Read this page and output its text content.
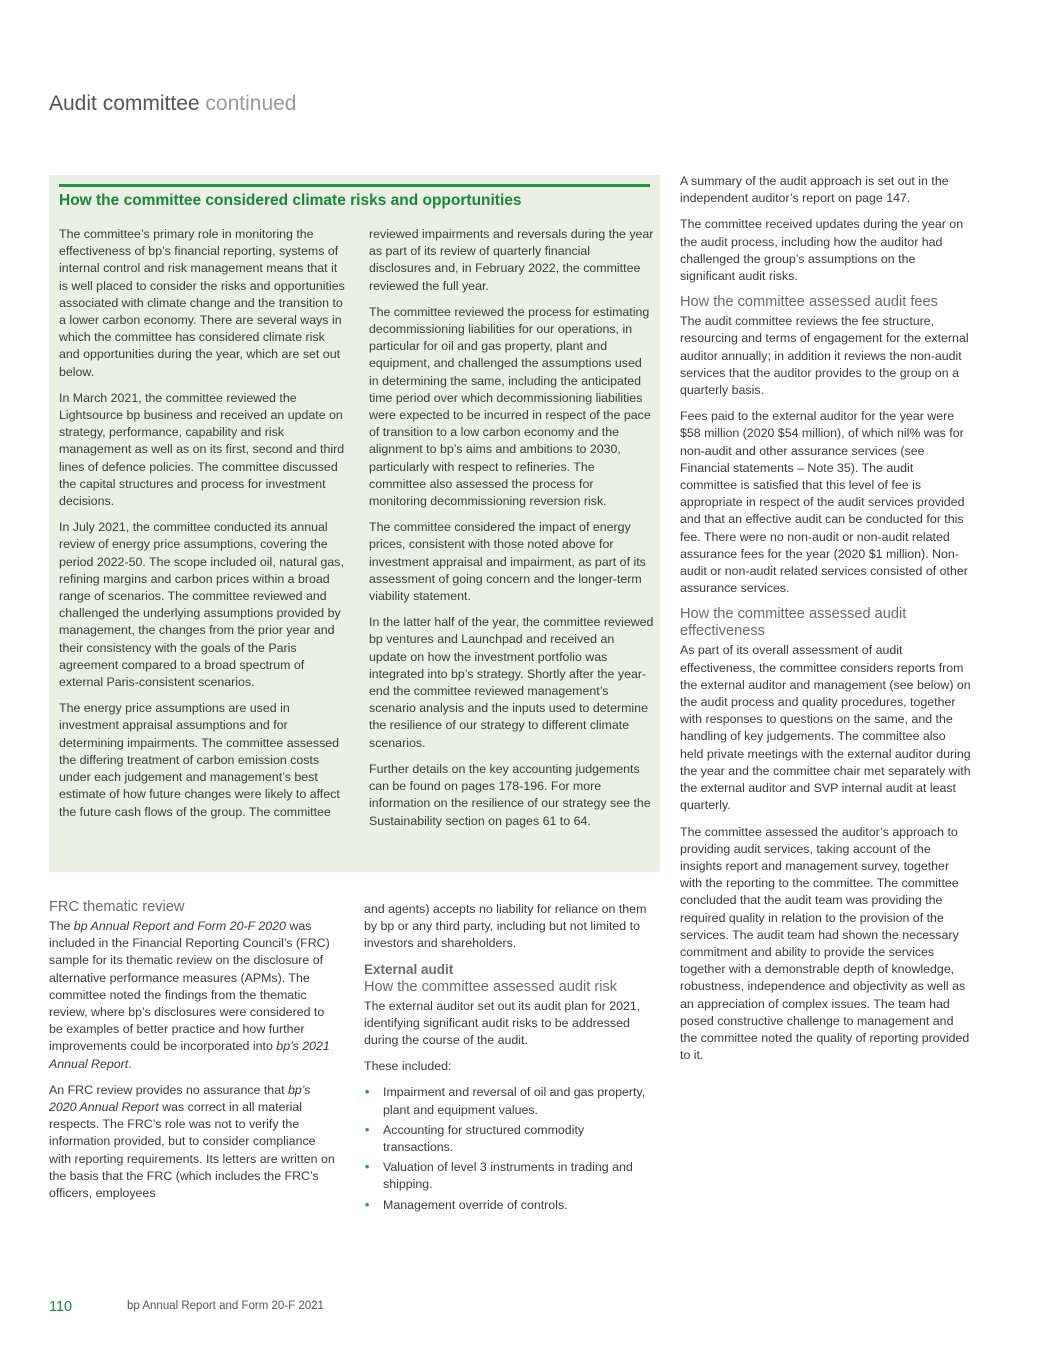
Audit committee continued
How the committee considered climate risks and opportunities

The committee’s primary role in monitoring the effectiveness of bp’s financial reporting, systems of internal control and risk management means that it is well placed to consider the risks and opportunities associated with climate change and the transition to a lower carbon economy. There are several ways in which the committee has considered climate risk and opportunities during the year, which are set out below.

In March 2021, the committee reviewed the Lightsource bp business and received an update on strategy, performance, capability and risk management as well as on its first, second and third lines of defence policies. The committee discussed the capital structures and process for investment decisions.

In July 2021, the committee conducted its annual review of energy price assumptions, covering the period 2022-50. The scope included oil, natural gas, refining margins and carbon prices within a broad range of scenarios. The committee reviewed and challenged the underlying assumptions provided by management, the changes from the prior year and their consistency with the goals of the Paris agreement compared to a broad spectrum of external Paris-consistent scenarios.

The energy price assumptions are used in investment appraisal assumptions and for determining impairments. The committee assessed the differing treatment of carbon emission costs under each judgement and management’s best estimate of how future changes were likely to affect the future cash flows of the group. The committee

reviewed impairments and reversals during the year as part of its review of quarterly financial disclosures and, in February 2022, the committee reviewed the full year.

The committee reviewed the process for estimating decommissioning liabilities for our operations, in particular for oil and gas property, plant and equipment, and challenged the assumptions used in determining the same, including the anticipated time period over which decommissioning liabilities were expected to be incurred in respect of the pace of transition to a low carbon economy and the alignment to bp’s aims and ambitions to 2030, particularly with respect to refineries. The committee also assessed the process for monitoring decommissioning reversion risk.

The committee considered the impact of energy prices, consistent with those noted above for investment appraisal and impairment, as part of its assessment of going concern and the longer-term viability statement.

In the latter half of the year, the committee reviewed bp ventures and Launchpad and received an update on how the investment portfolio was integrated into bp’s strategy. Shortly after the year-end the committee reviewed management’s scenario analysis and the inputs used to determine the resilience of our strategy to different climate scenarios.

Further details on the key accounting judgements can be found on pages 178-196. For more information on the resilience of our strategy see the Sustainability section on pages 61 to 64.

A summary of the audit approach is set out in the independent auditor’s report on page 147.

The committee received updates during the year on the audit process, including how the auditor had challenged the group’s assumptions on the significant audit risks.

How the committee assessed audit fees

The audit committee reviews the fee structure, resourcing and terms of engagement for the external auditor annually; in addition it reviews the non-audit services that the auditor provides to the group on a quarterly basis.

Fees paid to the external auditor for the year were $58 million (2020 $54 million), of which nil% was for non-audit and other assurance services (see Financial statements – Note 35). The audit committee is satisfied that this level of fee is appropriate in respect of the audit services provided and that an effective audit can be conducted for this fee. There were no non-audit or non-audit related assurance fees for the year (2020 $1 million). Non-audit or non-audit related services consisted of other assurance services.

How the committee assessed audit effectiveness

As part of its overall assessment of audit effectiveness, the committee considers reports from the external auditor and management (see below) on the audit process and quality procedures, together with responses to questions on the same, and the handling of key judgements. The committee also held private meetings with the external auditor during the year and the committee chair met separately with the external auditor and SVP internal audit at least quarterly.

The committee assessed the auditor’s approach to providing audit services, taking account of the insights report and management survey, together with the reporting to the committee. The committee concluded that the audit team was providing the required quality in relation to the provision of the services. The audit team had shown the necessary commitment and ability to provide the services together with a demonstrable depth of knowledge, robustness, independence and objectivity as well as an appreciation of complex issues. The team had posed constructive challenge to management and the committee noted the quality of reporting provided to it.

FRC thematic review

The bp Annual Report and Form 20-F 2020 was included in the Financial Reporting Council’s (FRC) sample for its thematic review on the disclosure of alternative performance measures (APMs). The committee noted the findings from the thematic review, where bp’s disclosures were considered to be examples of better practice and how further improvements could be incorporated into bp’s 2021 Annual Report.

An FRC review provides no assurance that bp’s 2020 Annual Report was correct in all material respects. The FRC’s role was not to verify the information provided, but to consider compliance with reporting requirements. Its letters are written on the basis that the FRC (which includes the FRC’s officers, employees

and agents) accepts no liability for reliance on them by bp or any third party, including but not limited to investors and shareholders.

External audit
How the committee assessed audit risk

The external auditor set out its audit plan for 2021, identifying significant audit risks to be addressed during the course of the audit.

These included:

• Impairment and reversal of oil and gas property, plant and equipment values.
• Accounting for structured commodity transactions.
• Valuation of level 3 instruments in trading and shipping.
• Management override of controls.
110	bp Annual Report and Form 20-F 2021
